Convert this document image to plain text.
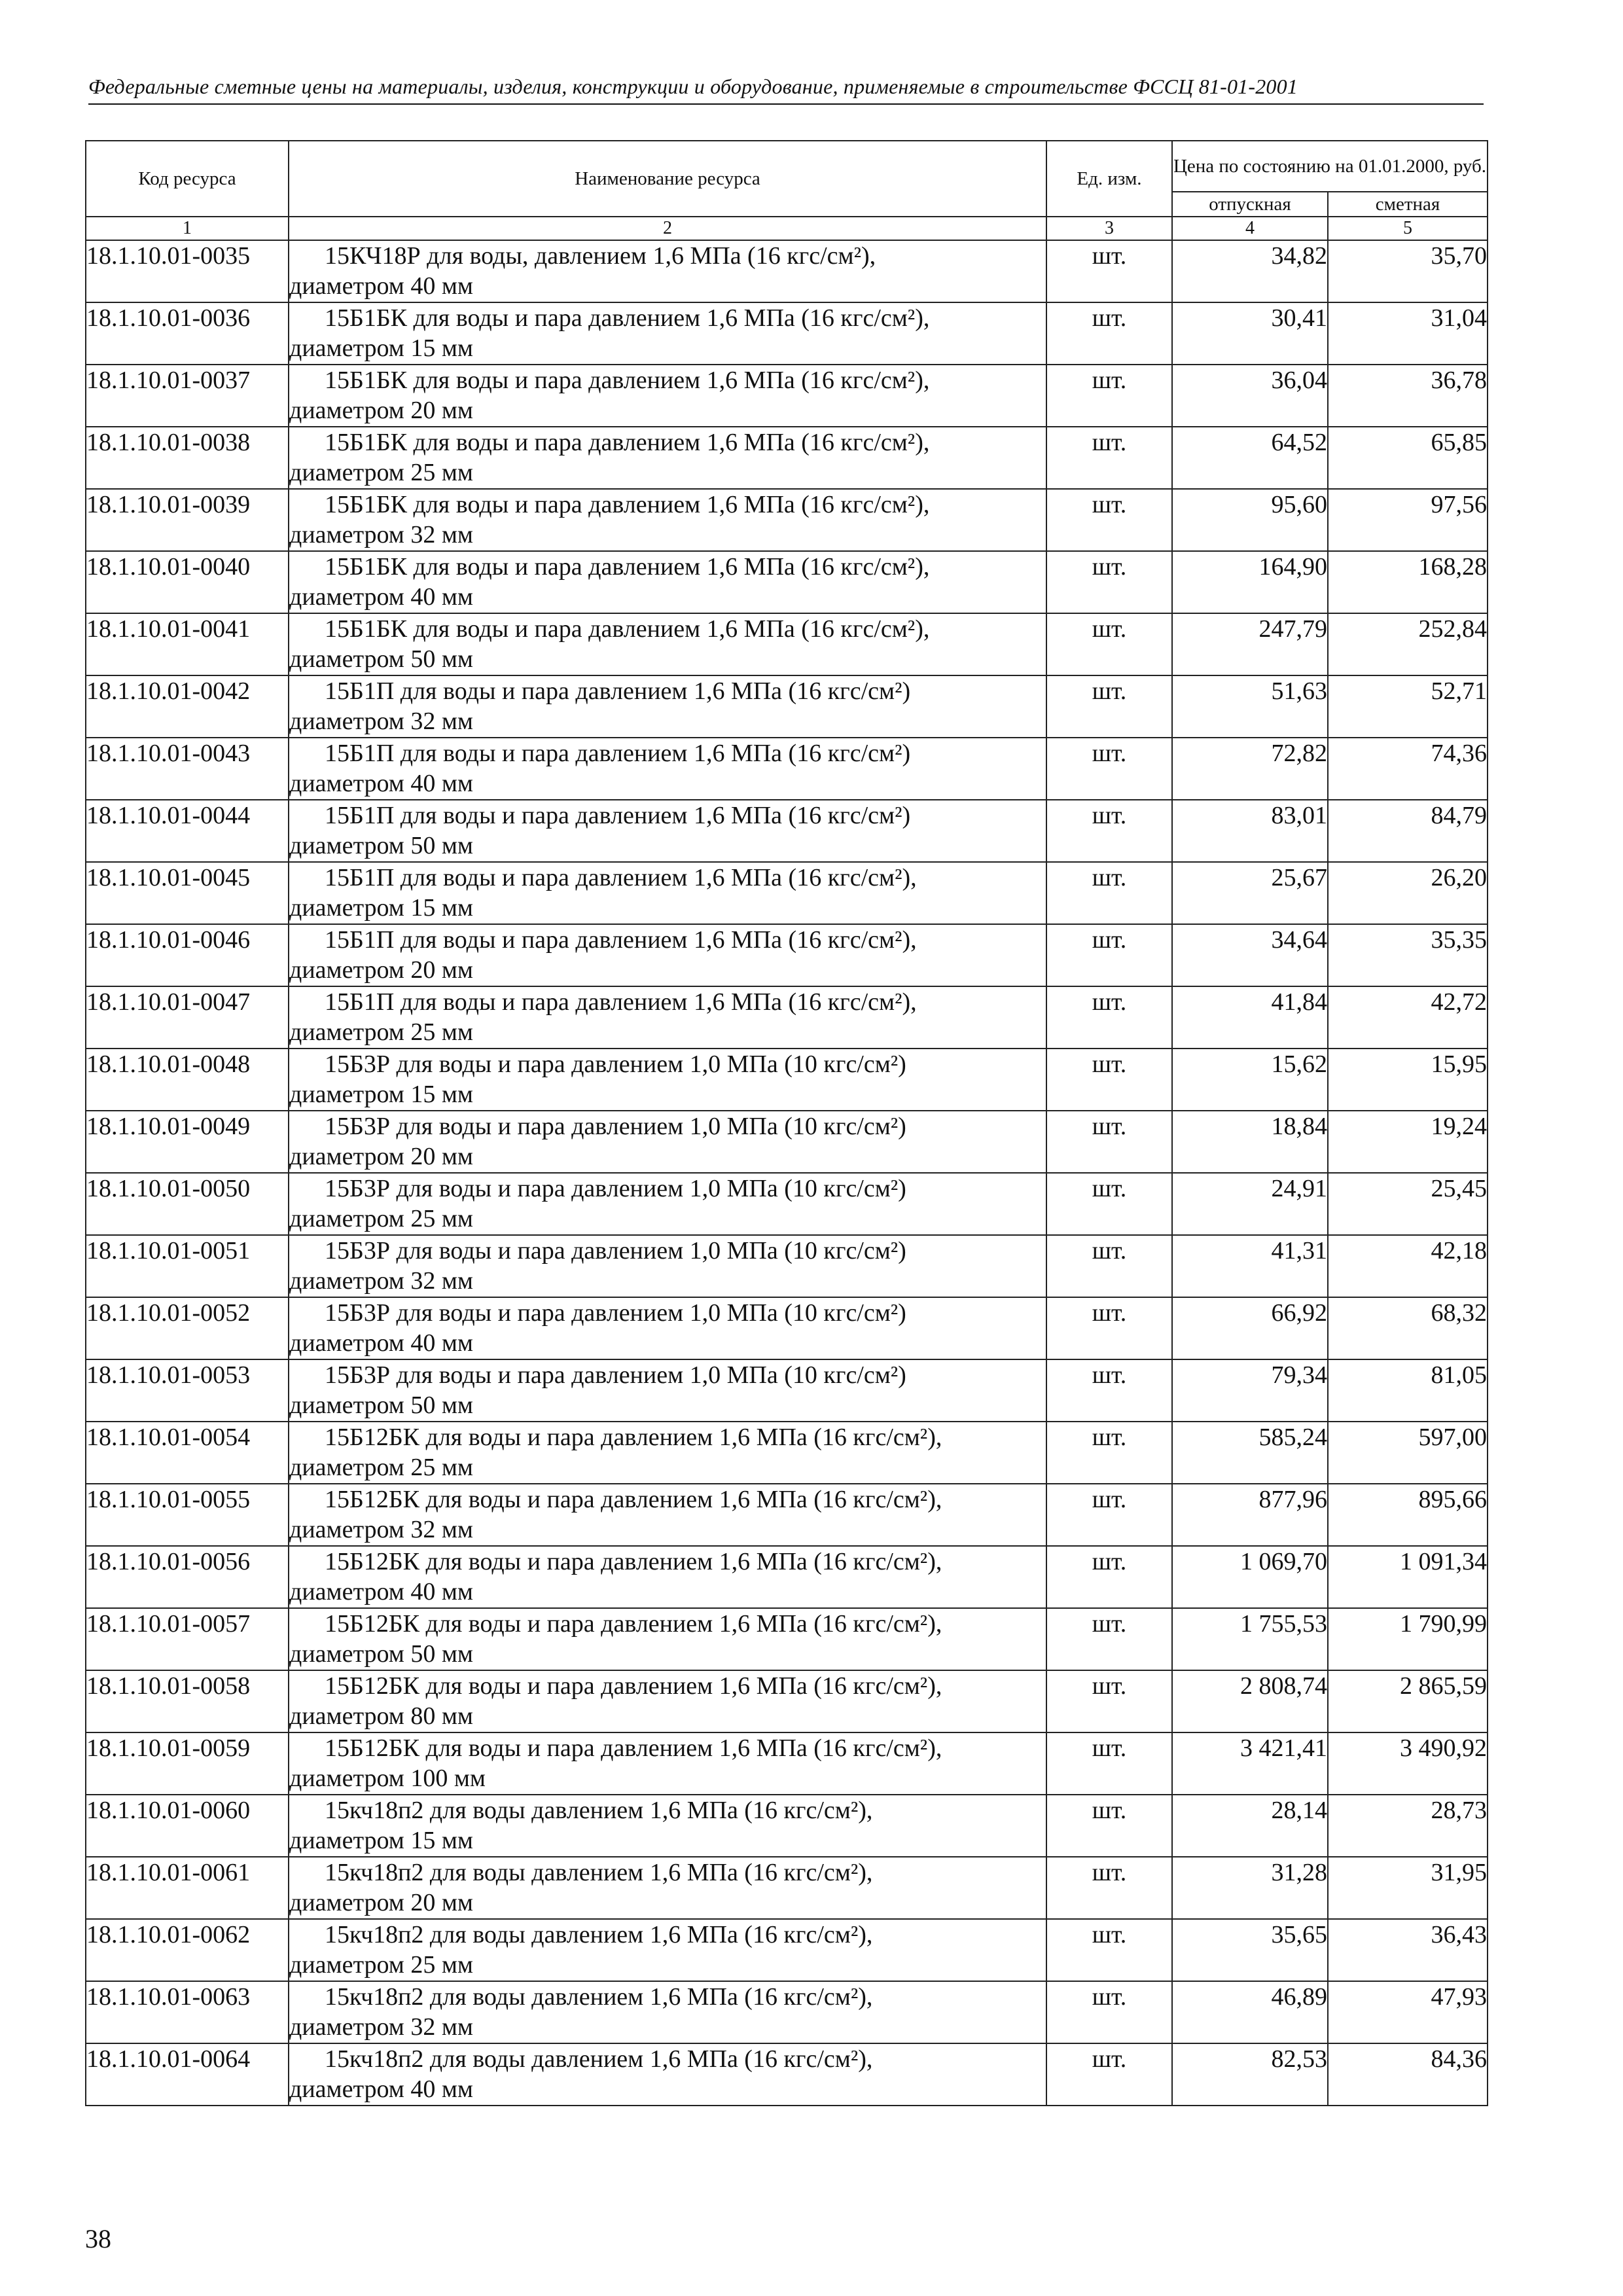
Федеральные сметные цены на материалы, изделия, конструкции и оборудование, применяемые в строительстве ФССЦ 81-01-2001
Код ресурса	Наименование ресурса	Ед. изм.	Цена по состоянию на 01.01.2000, руб.	
			отпускная	сметная
1	2	3	4	5
18.1.10.01-0035	15КЧ18Р для воды, давлением 1,6 МПа (16 кгс/см²),
диаметром 40 мм	шт.	34,82	35,70
18.1.10.01-0036	15Б1БК для воды и пара давлением 1,6 МПа (16 кгс/см²),
диаметром 15 мм	шт.	30,41	31,04
18.1.10.01-0037	15Б1БК для воды и пара давлением 1,6 МПа (16 кгс/см²),
диаметром 20 мм	шт.	36,04	36,78
18.1.10.01-0038	15Б1БК для воды и пара давлением 1,6 МПа (16 кгс/см²),
диаметром 25 мм	шт.	64,52	65,85
18.1.10.01-0039	15Б1БК для воды и пара давлением 1,6 МПа (16 кгс/см²),
диаметром 32 мм	шт.	95,60	97,56
18.1.10.01-0040	15Б1БК для воды и пара давлением 1,6 МПа (16 кгс/см²),
диаметром 40 мм	шт.	164,90	168,28
18.1.10.01-0041	15Б1БК для воды и пара давлением 1,6 МПа (16 кгс/см²),
диаметром 50 мм	шт.	247,79	252,84
18.1.10.01-0042	15Б1П для воды и пара давлением 1,6 МПа (16 кгс/см²)
диаметром 32 мм	шт.	51,63	52,71
18.1.10.01-0043	15Б1П для воды и пара давлением 1,6 МПа (16 кгс/см²)
диаметром 40 мм	шт.	72,82	74,36
18.1.10.01-0044	15Б1П для воды и пара давлением 1,6 МПа (16 кгс/см²)
диаметром 50 мм	шт.	83,01	84,79
18.1.10.01-0045	15Б1П для воды и пара давлением 1,6 МПа (16 кгс/см²),
диаметром 15 мм	шт.	25,67	26,20
18.1.10.01-0046	15Б1П для воды и пара давлением 1,6 МПа (16 кгс/см²),
диаметром 20 мм	шт.	34,64	35,35
18.1.10.01-0047	15Б1П для воды и пара давлением 1,6 МПа (16 кгс/см²),
диаметром 25 мм	шт.	41,84	42,72
18.1.10.01-0048	15Б3Р для воды и пара давлением 1,0 МПа (10 кгс/см²)
диаметром 15 мм	шт.	15,62	15,95
18.1.10.01-0049	15Б3Р для воды и пара давлением 1,0 МПа (10 кгс/см²)
диаметром 20 мм	шт.	18,84	19,24
18.1.10.01-0050	15Б3Р для воды и пара давлением 1,0 МПа (10 кгс/см²)
диаметром 25 мм	шт.	24,91	25,45
18.1.10.01-0051	15Б3Р для воды и пара давлением 1,0 МПа (10 кгс/см²)
диаметром 32 мм	шт.	41,31	42,18
18.1.10.01-0052	15Б3Р для воды и пара давлением 1,0 МПа (10 кгс/см²)
диаметром 40 мм	шт.	66,92	68,32
18.1.10.01-0053	15Б3Р для воды и пара давлением 1,0 МПа (10 кгс/см²)
диаметром 50 мм	шт.	79,34	81,05
18.1.10.01-0054	15Б12БК для воды и пара давлением 1,6 МПа (16 кгс/см²),
диаметром 25 мм	шт.	585,24	597,00
18.1.10.01-0055	15Б12БК для воды и пара давлением 1,6 МПа (16 кгс/см²),
диаметром 32 мм	шт.	877,96	895,66
18.1.10.01-0056	15Б12БК для воды и пара давлением 1,6 МПа (16 кгс/см²),
диаметром 40 мм	шт.	1 069,70	1 091,34
18.1.10.01-0057	15Б12БК для воды и пара давлением 1,6 МПа (16 кгс/см²),
диаметром 50 мм	шт.	1 755,53	1 790,99
18.1.10.01-0058	15Б12БК для воды и пара давлением 1,6 МПа (16 кгс/см²),
диаметром 80 мм	шт.	2 808,74	2 865,59
18.1.10.01-0059	15Б12БК для воды и пара давлением 1,6 МПа (16 кгс/см²),
диаметром 100 мм	шт.	3 421,41	3 490,92
18.1.10.01-0060	15кч18п2 для воды давлением 1,6 МПа (16 кгс/см²),
диаметром 15 мм	шт.	28,14	28,73
18.1.10.01-0061	15кч18п2 для воды давлением 1,6 МПа (16 кгс/см²),
диаметром 20 мм	шт.	31,28	31,95
18.1.10.01-0062	15кч18п2 для воды давлением 1,6 МПа (16 кгс/см²),
диаметром 25 мм	шт.	35,65	36,43
18.1.10.01-0063	15кч18п2 для воды давлением 1,6 МПа (16 кгс/см²),
диаметром 32 мм	шт.	46,89	47,93
18.1.10.01-0064	15кч18п2 для воды давлением 1,6 МПа (16 кгс/см²),
диаметром 40 мм	шт.	82,53	84,36
38
